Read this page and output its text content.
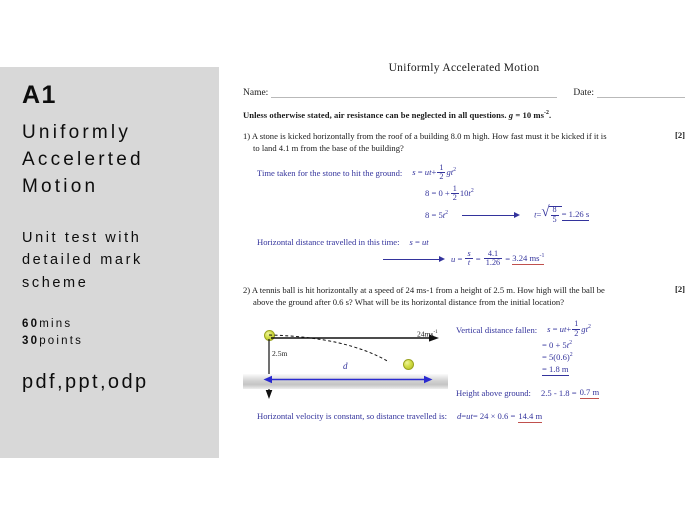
A1
Uniformly
Accelerted
Motion
Unit test with
detailed mark
scheme
60mins
30points
pdf,ppt,odp
Uniformly Accelerated Motion
Name:	Date:
Unless otherwise stated, air resistance can be neglected in all questions. g = 10 $ms^{-2}$.
[2]
1) A stone is kicked horizontally from the roof of a building 8.0 m high. How fast must it be kicked if it is
to land 4.1 m from the base of the building?
Time taken for the stone to hit the ground: $s = ut+ \frac{1}{2} gt^2$
$8 = 0 + \frac{1}{2} 10t^2$
$8 = 5t^2$	t= √ $\frac{8}{5} = 1.26$ s
Horizontal distance travelled in this time: s = ut
$u = \frac{s}{t} = \frac{4.1}{1.26} = 3.24$ $ms^{-1}$
[2]
2) A tennis ball is hit horizontally at a speed of 24 ms-1 from a height of 2.5 m. How high will the ball be
above the ground after 0.6 s? What will be its horizontal distance from the initial location?
2.5m
$24ms^{-1}$
d
Vertical distance fallen: $s = ut+ \frac{1}{2} gt^2$
= $0 + 5t^2$
= $5(0.6)^2$
= 1.8 m
Height above ground: 2.5 - 1.8 = 0.7 m
Horizontal velocity is constant, so distance travelled is: d=ut= 24 × 0.6 = 14.4 m
